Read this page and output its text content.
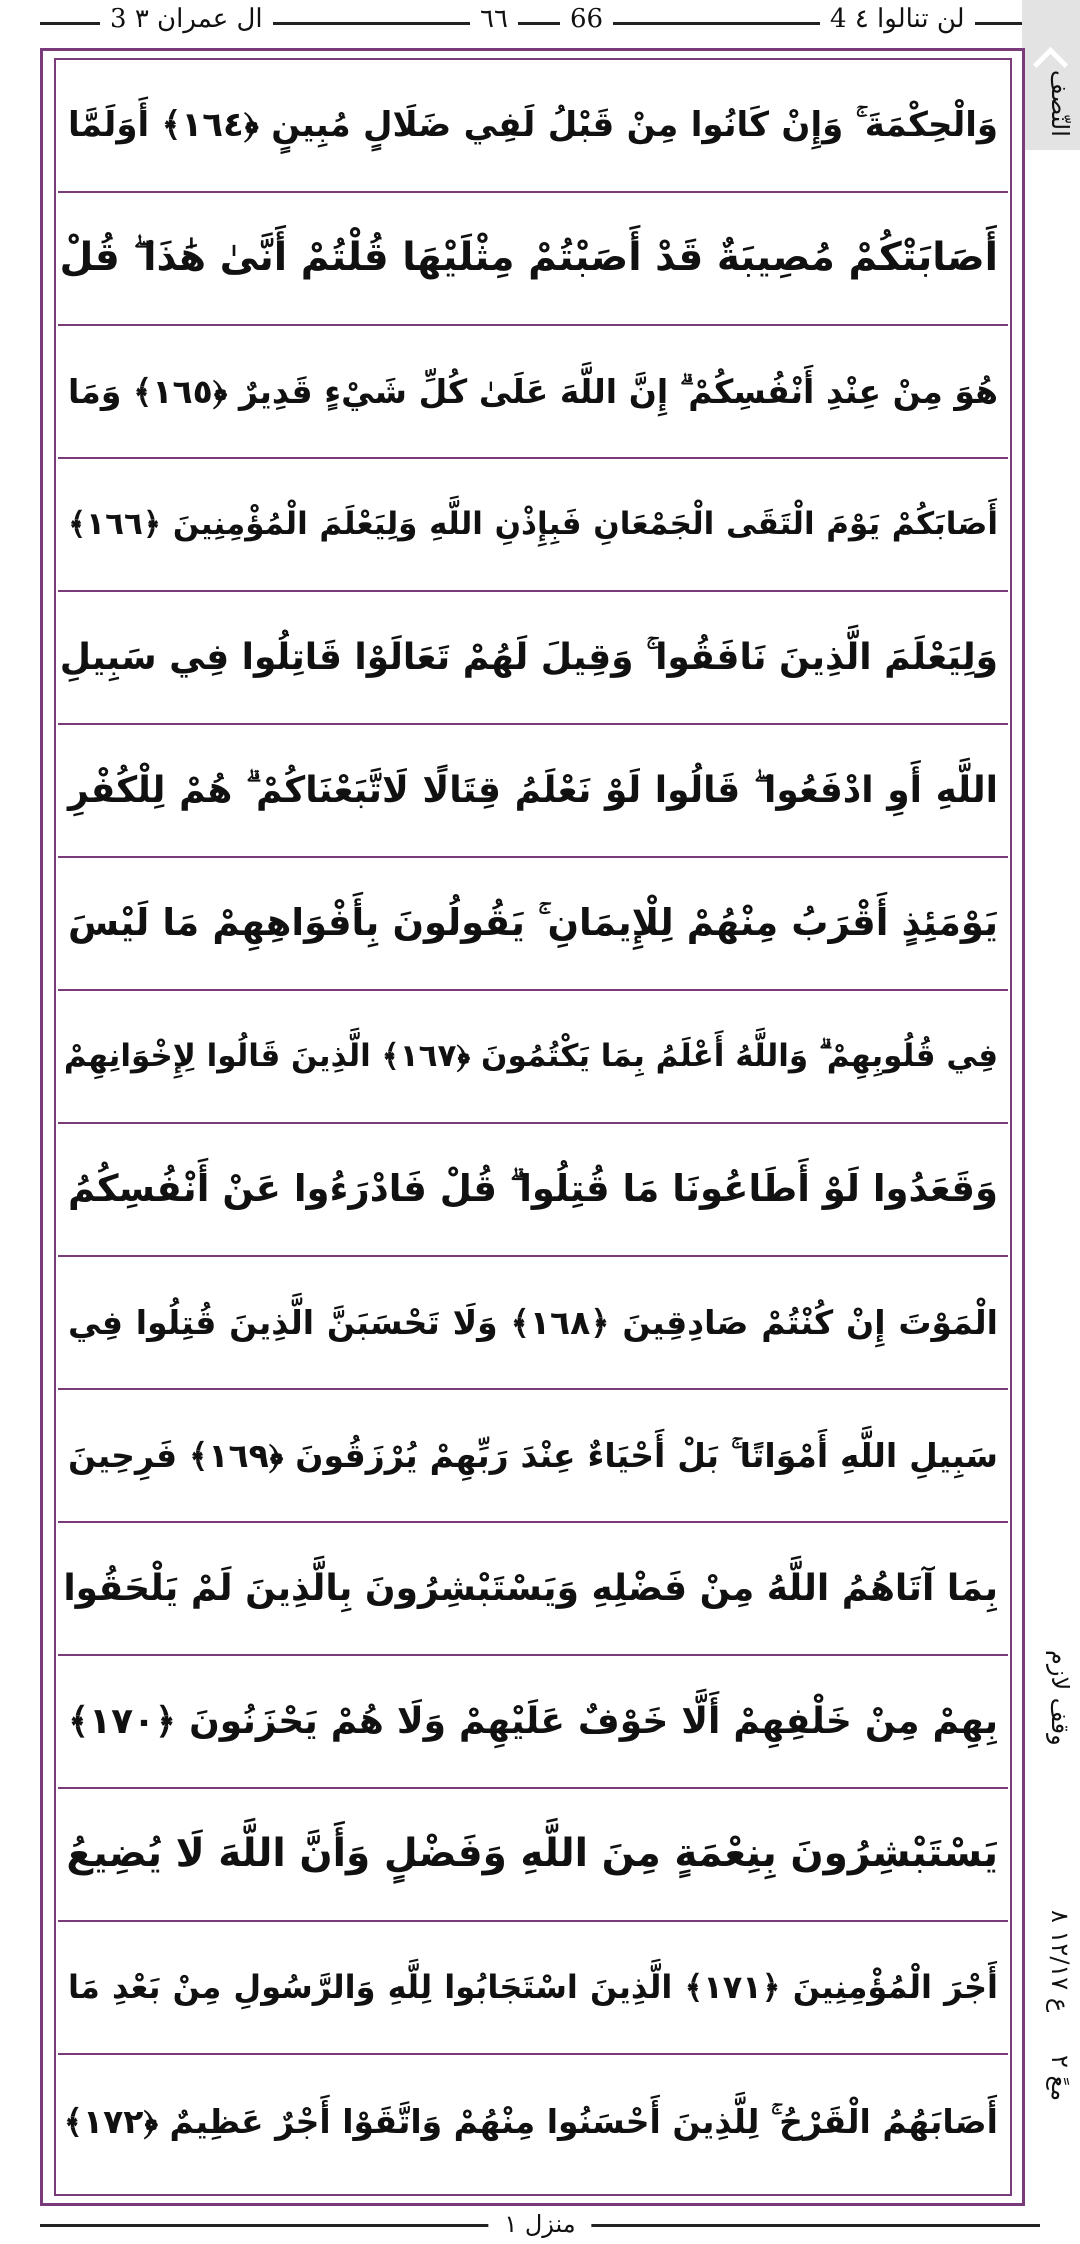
3 ال عمران ٣	٦٦	66	4 لن تنالوا ٤
وَالْحِكْمَةَ ۚ وَإِنْ كَانُوا مِنْ قَبْلُ لَفِي ضَلَالٍ مُبِينٍ ﴿١٦٤﴾ أَوَلَمَّا
أَصَابَتْكُمْ مُصِيبَةٌ قَدْ أَصَبْتُمْ مِثْلَيْهَا قُلْتُمْ أَنَّىٰ هَٰذَا ۖ قُلْ
هُوَ مِنْ عِنْدِ أَنْفُسِكُمْ ۗ إِنَّ اللَّهَ عَلَىٰ كُلِّ شَيْءٍ قَدِيرٌ ﴿١٦٥﴾ وَمَا
أَصَابَكُمْ يَوْمَ الْتَقَى الْجَمْعَانِ فَبِإِذْنِ اللَّهِ وَلِيَعْلَمَ الْمُؤْمِنِينَ ﴿١٦٦﴾
وَلِيَعْلَمَ الَّذِينَ نَافَقُوا ۚ وَقِيلَ لَهُمْ تَعَالَوْا قَاتِلُوا فِي سَبِيلِ
اللَّهِ أَوِ ادْفَعُوا ۖ قَالُوا لَوْ نَعْلَمُ قِتَالًا لَاتَّبَعْنَاكُمْ ۗ هُمْ لِلْكُفْرِ
يَوْمَئِذٍ أَقْرَبُ مِنْهُمْ لِلْإِيمَانِ ۚ يَقُولُونَ بِأَفْوَاهِهِمْ مَا لَيْسَ
فِي قُلُوبِهِمْ ۗ وَاللَّهُ أَعْلَمُ بِمَا يَكْتُمُونَ ﴿١٦٧﴾ الَّذِينَ قَالُوا لِإِخْوَانِهِمْ
وَقَعَدُوا لَوْ أَطَاعُونَا مَا قُتِلُوا ۗ قُلْ فَادْرَءُوا عَنْ أَنْفُسِكُمُ
الْمَوْتَ إِنْ كُنْتُمْ صَادِقِينَ ﴿١٦٨﴾ وَلَا تَحْسَبَنَّ الَّذِينَ قُتِلُوا فِي
سَبِيلِ اللَّهِ أَمْوَاتًا ۚ بَلْ أَحْيَاءٌ عِنْدَ رَبِّهِمْ يُرْزَقُونَ ﴿١٦٩﴾ فَرِحِينَ
بِمَا آتَاهُمُ اللَّهُ مِنْ فَضْلِهِ وَيَسْتَبْشِرُونَ بِالَّذِينَ لَمْ يَلْحَقُوا
بِهِمْ مِنْ خَلْفِهِمْ أَلَّا خَوْفٌ عَلَيْهِمْ وَلَا هُمْ يَحْزَنُونَ ﴿١٧٠﴾
يَسْتَبْشِرُونَ بِنِعْمَةٍ مِنَ اللَّهِ وَفَضْلٍ وَأَنَّ اللَّهَ لَا يُضِيعُ
أَجْرَ الْمُؤْمِنِينَ ﴿١٧١﴾ الَّذِينَ اسْتَجَابُوا لِلَّهِ وَالرَّسُولِ مِنْ بَعْدِ مَا
أَصَابَهُمُ الْقَرْحُ ۚ لِلَّذِينَ أَحْسَنُوا مِنْهُمْ وَاتَّقَوْا أَجْرٌ عَظِيمٌ ﴿١٧٢﴾
النّصف
وقف لازم
ع ١٢/١٧ ٨
معً ٢
منزل ١
